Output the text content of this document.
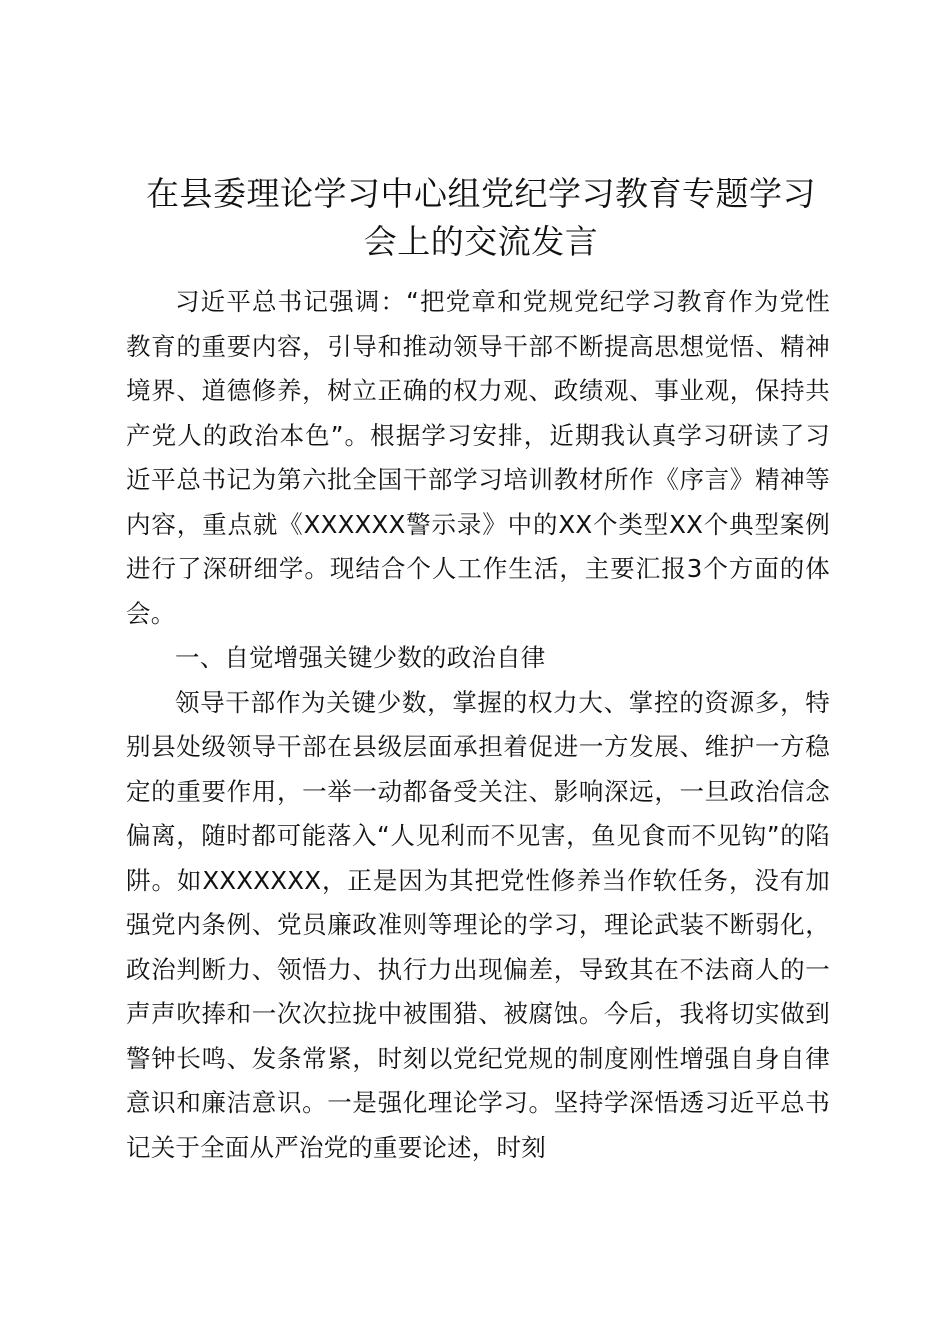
在县委理论学习中心组党纪学习教育专题学习
会上的交流发言

习近平总书记强调：“把党章和党规党纪学习教育作为党性教育的重要内容，引导和推动领导干部不断提高思想觉悟、精神境界、道德修养，树立正确的权力观、政绩观、事业观，保持共产党人的政治本色”。根据学习安排，近期我认真学习研读了习近平总书记为第六批全国干部学习培训教材所作《序言》精神等内容，重点就《XXXXXX警示录》中的XX个类型XX个典型案例进行了深研细学。现结合个人工作生活，主要汇报3个方面的体会。

一、自觉增强关键少数的政治自律

领导干部作为关键少数，掌握的权力大、掌控的资源多，特别县处级领导干部在县级层面承担着促进一方发展、维护一方稳定的重要作用，一举一动都备受关注、影响深远，一旦政治信念偏离，随时都可能落入“人见利而不见害，鱼见食而不见钩”的陷阱。如XXXXXXX，正是因为其把党性修养当作软任务，没有加强党内条例、党员廉政准则等理论的学习，理论武装不断弱化，政治判断力、领悟力、执行力出现偏差，导致其在不法商人的一声声吹捧和一次次拉拢中被围猎、被腐蚀。今后，我将切实做到警钟长鸣、发条常紧，时刻以党纪党规的制度刚性增强自身自律意识和廉洁意识。一是强化理论学习。坚持学深悟透习近平总书记关于全面从严治党的重要论述，时刻
